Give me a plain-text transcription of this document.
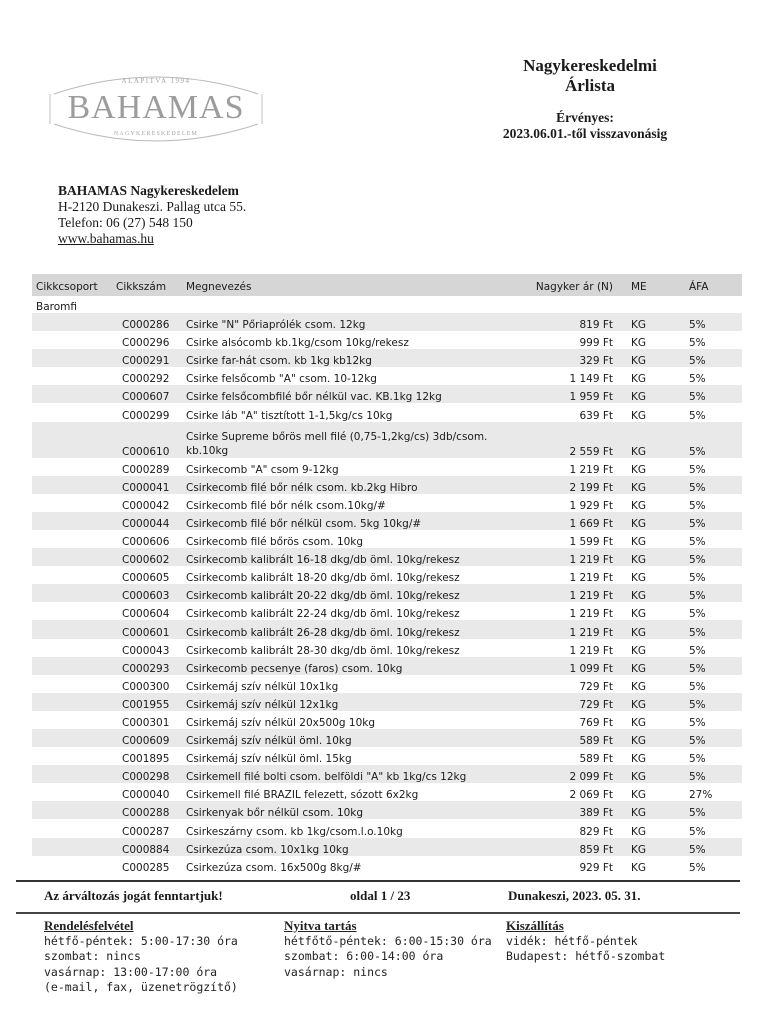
ALAPITVA 1994
BAHAMAS
NAGYKERESKEDELEM
Nagykereskedelmi
Árlista
Érvényes:
2023.06.01.-től visszavonásig
BAHAMAS Nagykereskedelem
H-2120 Dunakeszi. Pallag utca 55.
Telefon: 06 (27) 548 150
www.bahamas.hu
Cikkcsoport	Cikkszám	Megnevezés	Nagyker ár (N)	ME	ÁFA
Baromfi					
	C000286	Csirke "N" Pőriaprólék csom. 12kg	819 Ft	KG	5%
	C000296	Csirke alsócomb kb.1kg/csom 10kg/rekesz	999 Ft	KG	5%
	C000291	Csirke far-hát csom. kb 1kg kb12kg	329 Ft	KG	5%
	C000292	Csirke felsőcomb "A" csom. 10-12kg	1 149 Ft	KG	5%
	C000607	Csirke felsőcombfilé bőr nélkül vac. KB.1kg 12kg	1 959 Ft	KG	5%
	C000299	Csirke láb "A" tisztított 1-1,5kg/cs 10kg	639 Ft	KG	5%
	C000610	Csirke Supreme bőrös mell filé (0,75-1,2kg/cs) 3db/csom. kb.10kg	2 559 Ft	KG	5%
	C000289	Csirkecomb "A" csom 9-12kg	1 219 Ft	KG	5%
	C000041	Csirkecomb filé bőr nélk csom. kb.2kg Hibro	2 199 Ft	KG	5%
	C000042	Csirkecomb filé bőr nélk csom.10kg/#	1 929 Ft	KG	5%
	C000044	Csirkecomb filé bőr nélkül csom. 5kg 10kg/#	1 669 Ft	KG	5%
	C000606	Csirkecomb filé bőrös csom. 10kg	1 599 Ft	KG	5%
	C000602	Csirkecomb kalibrált 16-18 dkg/db öml. 10kg/rekesz	1 219 Ft	KG	5%
	C000605	Csirkecomb kalibrált 18-20 dkg/db öml. 10kg/rekesz	1 219 Ft	KG	5%
	C000603	Csirkecomb kalibrált 20-22 dkg/db öml. 10kg/rekesz	1 219 Ft	KG	5%
	C000604	Csirkecomb kalibrált 22-24 dkg/db öml. 10kg/rekesz	1 219 Ft	KG	5%
	C000601	Csirkecomb kalibrált 26-28 dkg/db öml. 10kg/rekesz	1 219 Ft	KG	5%
	C000043	Csirkecomb kalibrált 28-30 dkg/db öml. 10kg/rekesz	1 219 Ft	KG	5%
	C000293	Csirkecomb pecsenye (faros) csom. 10kg	1 099 Ft	KG	5%
	C000300	Csirkemáj szív nélkül 10x1kg	729 Ft	KG	5%
	C001955	Csirkemáj szív nélkül 12x1kg	729 Ft	KG	5%
	C000301	Csirkemáj szív nélkül 20x500g 10kg	769 Ft	KG	5%
	C000609	Csirkemáj szív nélkül öml. 10kg	589 Ft	KG	5%
	C001895	Csirkemáj szív nélkül öml. 15kg	589 Ft	KG	5%
	C000298	Csirkemell filé bolti csom. belföldi "A" kb 1kg/cs 12kg	2 099 Ft	KG	5%
	C000040	Csirkemell filé BRAZIL felezett, sózott 6x2kg	2 069 Ft	KG	27%
	C000288	Csirkenyak bőr nélkül csom. 10kg	389 Ft	KG	5%
	C000287	Csirkeszárny csom. kb 1kg/csom.l.o.10kg	829 Ft	KG	5%
	C000884	Csirkezúza csom. 10x1kg 10kg	859 Ft	KG	5%
	C000285	Csirkezúza csom. 16x500g 8kg/#	929 Ft	KG	5%
Az árváltozás jogát fenntartjuk!	oldal 1 / 23	Dunakeszi, 2023. 05. 31.
Rendelésfelvétel
hétfő-péntek: 5:00-17:30 óra
szombat: nincs
vasárnap: 13:00-17:00 óra
(e-mail, fax, üzenetrögzítő)
Nyitva tartás
hétfőtő-péntek: 6:00-15:30 óra
szombat: 6:00-14:00 óra
vasárnap: nincs
Kiszállítás
vidék: hétfő-péntek
Budapest: hétfő-szombat
